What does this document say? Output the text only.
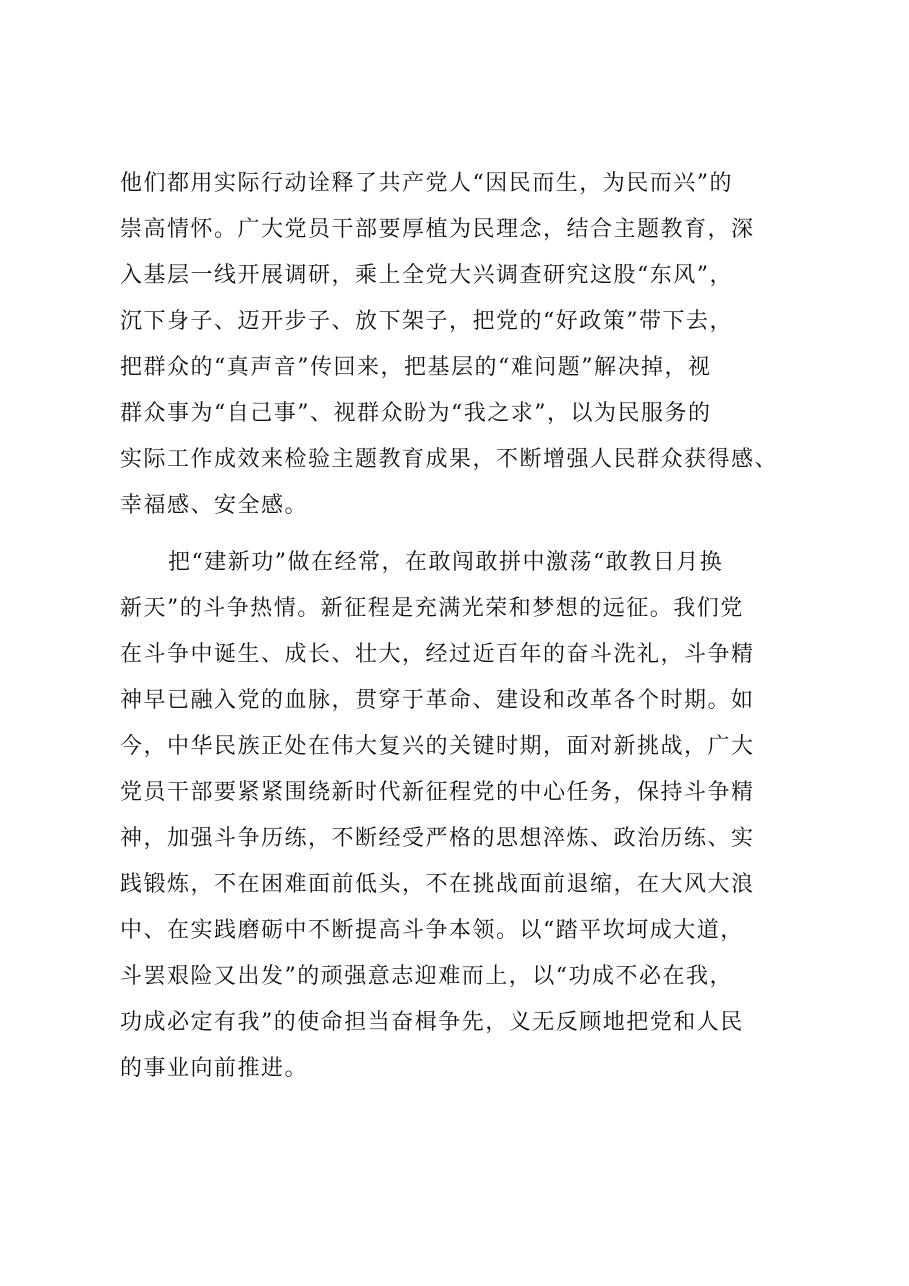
他们都用实际行动诠释了共产党人“因民而生，为民而兴”的

崇高情怀。广大党员干部要厚植为民理念，结合主题教育，深

入基层一线开展调研，乘上全党大兴调查研究这股“东风”，

沉下身子、迈开步子、放下架子，把党的“好政策”带下去，

把群众的“真声音”传回来，把基层的“难问题”解决掉，视

群众事为“自己事”、视群众盼为“我之求”，以为民服务的

实际工作成效来检验主题教育成果，不断增强人民群众获得感、

幸福感、安全感。

把“建新功”做在经常，在敢闯敢拼中激荡“敢教日月换

新天”的斗争热情。新征程是充满光荣和梦想的远征。我们党

在斗争中诞生、成长、壮大，经过近百年的奋斗洗礼，斗争精

神早已融入党的血脉，贯穿于革命、建设和改革各个时期。如

今，中华民族正处在伟大复兴的关键时期，面对新挑战，广大

党员干部要紧紧围绕新时代新征程党的中心任务，保持斗争精

神，加强斗争历练，不断经受严格的思想淬炼、政治历练、实

践锻炼，不在困难面前低头，不在挑战面前退缩，在大风大浪

中、在实践磨砺中不断提高斗争本领。以“踏平坎坷成大道，

斗罢艰险又出发”的顽强意志迎难而上，以“功成不必在我，

功成必定有我”的使命担当奋楫争先，义无反顾地把党和人民

的事业向前推进。
